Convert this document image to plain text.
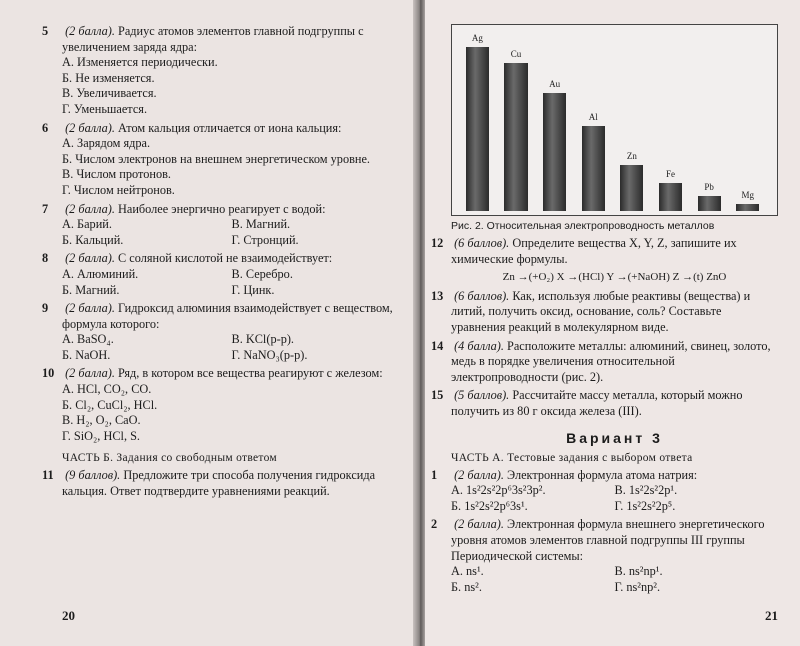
5 (2 балла). Радиус атомов элементов главной подгруппы с увеличением заряда ядра:
А. Изменяется периодически.
Б. Не изменяется.
В. Увеличивается.
Г. Уменьшается.
6 (2 балла). Атом кальция отличается от иона кальция:
А. Зарядом ядра.
Б. Числом электронов на внешнем энергетическом уровне.
В. Числом протонов.
Г. Числом нейтронов.
7 (2 балла). Наиболее энергично реагирует с водой:
А. Барий.	В. Магний.
Б. Кальций.	Г. Стронций.
8 (2 балла). С соляной кислотой не взаимодействует:
А. Алюминий.	В. Серебро.
Б. Магний.	Г. Цинк.
9 (2 балла). Гидроксид алюминия взаимодействует с веществом, формула которого:
А. BaSO₄.	В. KCl(р-р).
Б. NaOH.	Г. NaNO₃(р-р).
10 (2 балла). Ряд, в котором все вещества реагируют с железом:
А. HCl, CO₂, CO.
Б. Cl₂, CuCl₂, HCl.
В. H₂, O₂, CaO.
Г. SiO₂, HCl, S.
ЧАСТЬ Б. Задания со свободным ответом
11 (9 баллов). Предложите три способа получения гидроксида кальция. Ответ подтвердите уравнениями реакций.
20
Ag
Cu
Au
Al
Zn
Fe
Pb
Mg
Рис. 2. Относительная электропроводность металлов
12 (6 баллов). Определите вещества X, Y, Z, запишите их химические формулы.
Zn →(+O₂) X →(HCl) Y →(+NaOH) Z →(t) ZnO
13 (6 баллов). Как, используя любые реактивы (вещества) и литий, получить оксид, основание, соль? Составьте уравнения реакций в молекулярном виде.
14 (4 балла). Расположите металлы: алюминий, свинец, золото, медь в порядке увеличения относительной электропроводности (рис. 2).
15 (5 баллов). Рассчитайте массу металла, который можно получить из 80 г оксида железа (III).
Вариант 3
ЧАСТЬ А. Тестовые задания с выбором ответа
1 (2 балла). Электронная формула атома натрия:
А. 1s²2s²2p⁶3s²3p².	В. 1s²2s²2p¹.
Б. 1s²2s²2p⁶3s¹.	Г. 1s²2s²2p⁵.
2 (2 балла). Электронная формула внешнего энергетического уровня атомов элементов главной подгруппы III группы Периодической системы:
А. ns¹.	В. ns²np¹.
Б. ns².	Г. ns²np².
21
